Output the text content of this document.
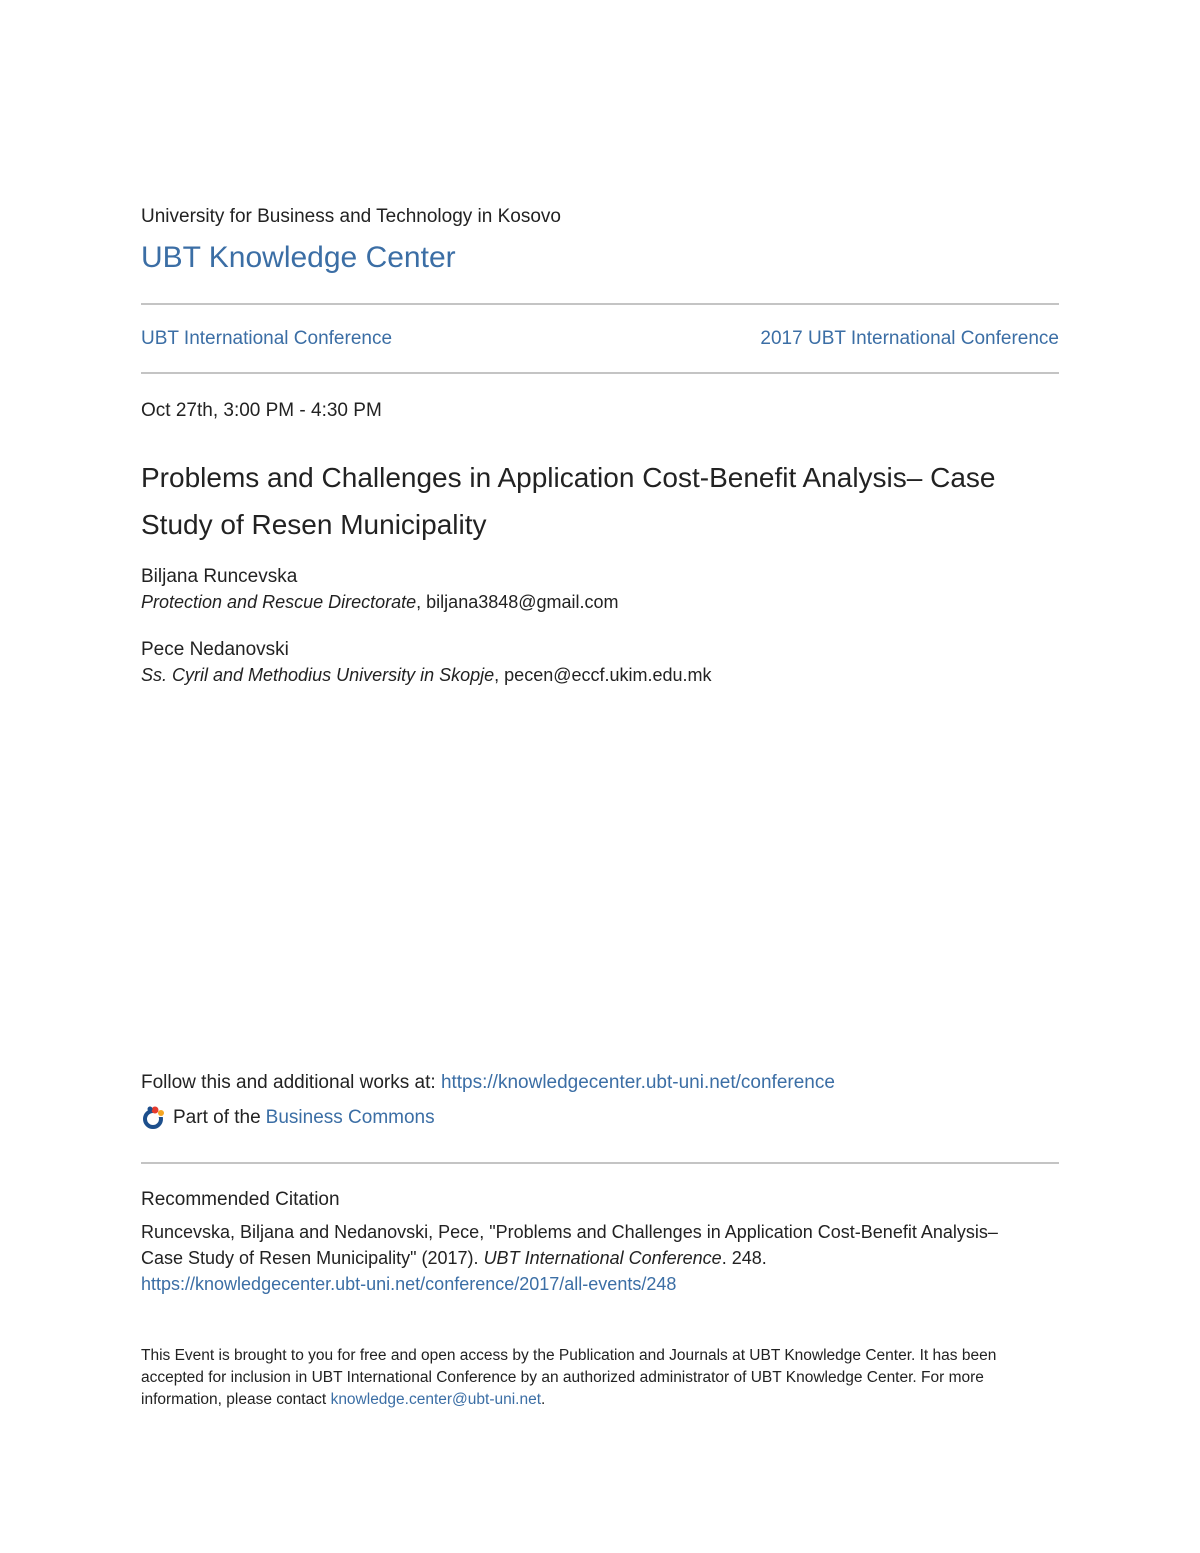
University for Business and Technology in Kosovo
UBT Knowledge Center
UBT International Conference	2017 UBT International Conference
Oct 27th, 3:00 PM - 4:30 PM
Problems and Challenges in Application Cost-Benefit Analysis– Case Study of Resen Municipality
Biljana Runcevska
Protection and Rescue Directorate, biljana3848@gmail.com
Pece Nedanovski
Ss. Cyril and Methodius University in Skopje, pecen@eccf.ukim.edu.mk
Follow this and additional works at: https://knowledgecenter.ubt-uni.net/conference
Part of the Business Commons
Recommended Citation
Runcevska, Biljana and Nedanovski, Pece, "Problems and Challenges in Application Cost-Benefit Analysis– Case Study of Resen Municipality" (2017). UBT International Conference. 248.
https://knowledgecenter.ubt-uni.net/conference/2017/all-events/248
This Event is brought to you for free and open access by the Publication and Journals at UBT Knowledge Center. It has been accepted for inclusion in UBT International Conference by an authorized administrator of UBT Knowledge Center. For more information, please contact knowledge.center@ubt-uni.net.
